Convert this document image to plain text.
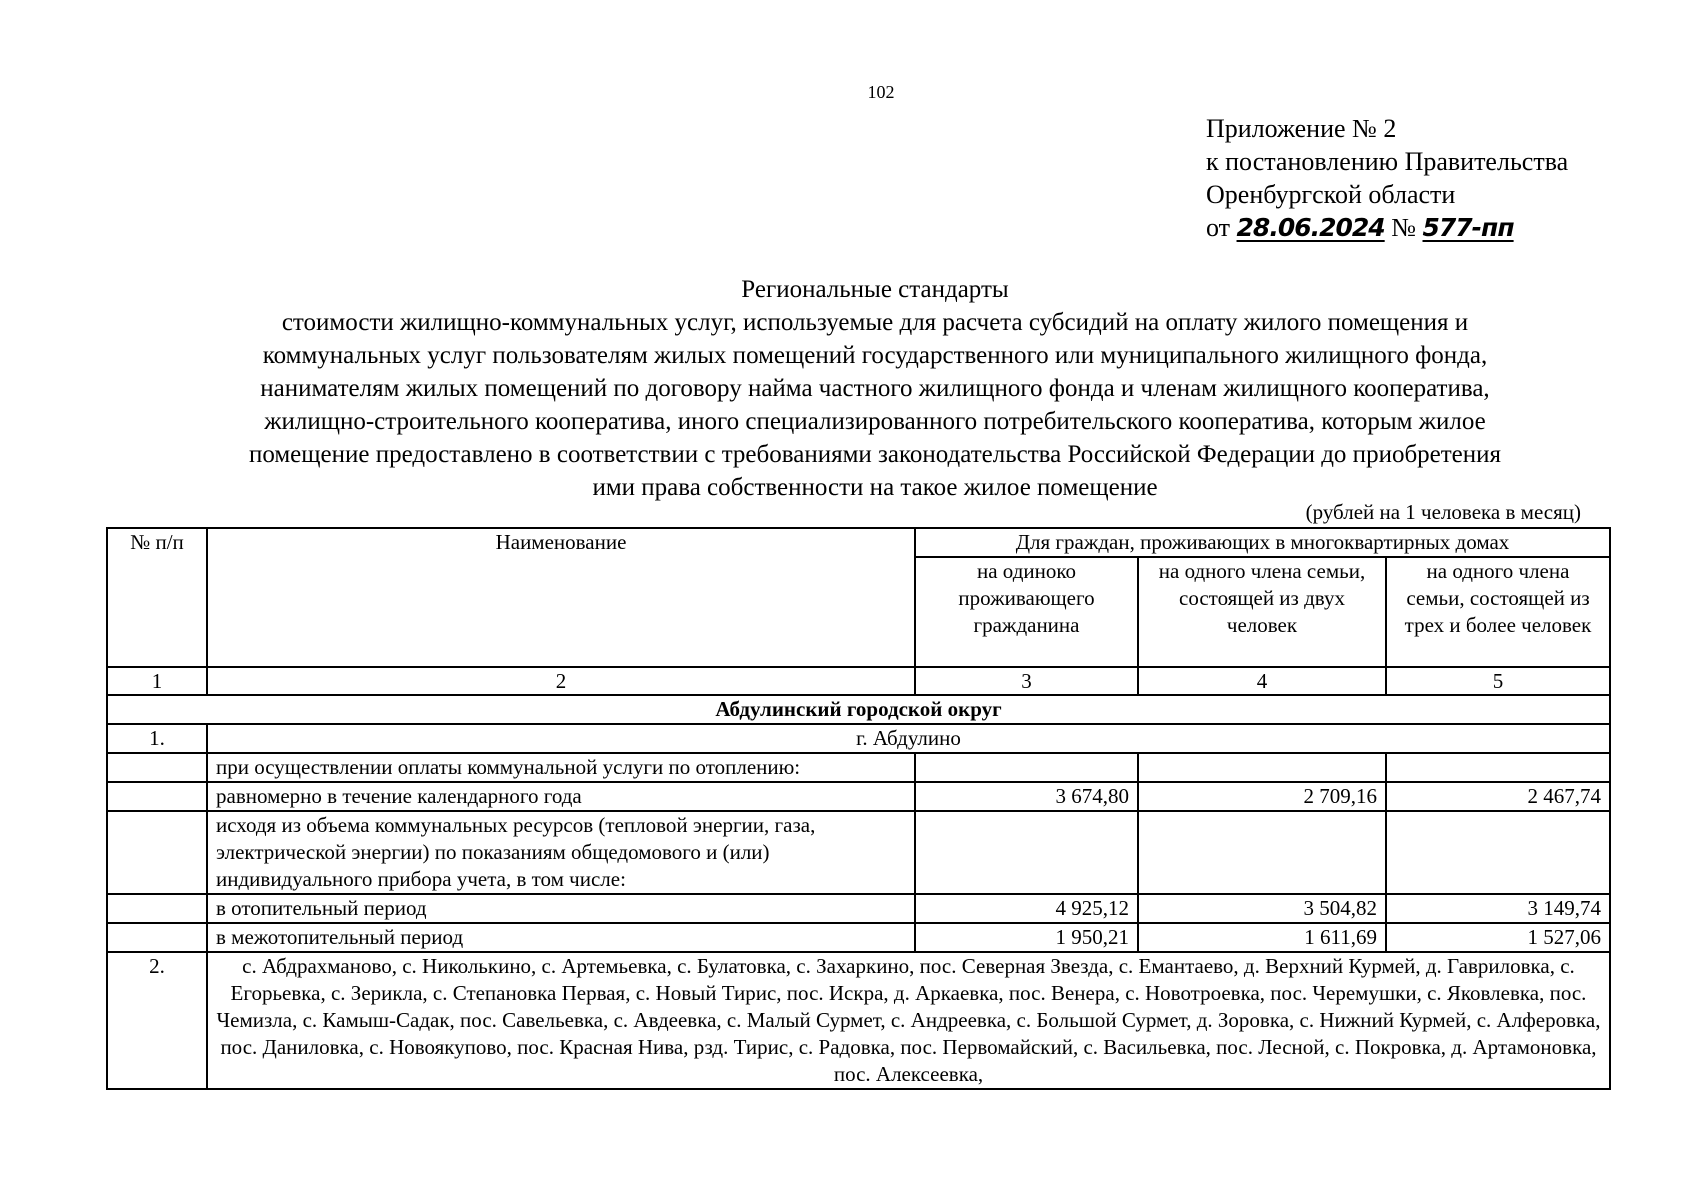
102
Приложение № 2
к постановлению Правительства
Оренбургской области
от 28.06.2024 № 577-пп
Региональные стандарты
стоимости жилищно-коммунальных услуг, используемые для расчета субсидий на оплату жилого помещения и
коммунальных услуг пользователям жилых помещений государственного или муниципального жилищного фонда,
нанимателям жилых помещений по договору найма частного жилищного фонда и членам жилищного кооператива,
жилищно-строительного кооператива, иного специализированного потребительского кооператива, которым жилое
помещение предоставлено в соответствии с требованиями законодательства Российской Федерации до приобретения
ими права собственности на такое жилое помещение
(рублей на 1 человека в месяц)
№ п/п	Наименование	Для граждан, проживающих в многоквартирных домах		
		на одиноко проживающего гражданина	на одного члена семьи, состоящей из двух человек	на одного члена семьи, состоящей из трех и более человек
1	2	3	4	5
Абдулинский городской округ				
1.	г. Абдулино			
	при осуществлении оплаты коммунальной услуги по отоплению:			
	равномерно в течение календарного года	3 674,80	2 709,16	2 467,74
	исходя из объема коммунальных ресурсов (тепловой энергии, газа, электрической энергии) по показаниям общедомового и (или) индивидуального прибора учета, в том числе:			
	в отопительный период	4 925,12	3 504,82	3 149,74
	в межотопительный период	1 950,21	1 611,69	1 527,06
2.	с. Абдрахманово, с. Николькино, с. Артемьевка, с. Булатовка, с. Захаркино, пос. Северная Звезда, с. Емантаево, д. Верхний Курмей, д. Гавриловка, с. Егорьевка, с. Зерикла, с. Степановка Первая, с. Новый Тирис, пос. Искра, д. Аркаевка, пос. Венера, с. Новотроевка, пос. Черемушки, с. Яковлевка, пос. Чемизла, с. Камыш-Садак, пос. Савельевка, с. Авдеевка, с. Малый Сурмет, с. Андреевка, с. Большой Сурмет, д. Зоровка, с. Нижний Курмей, с. Алферовка, пос. Даниловка, с. Новоякупово, пос. Красная Нива, рзд. Тирис, с. Радовка, пос. Первомайский, с. Васильевка, пос. Лесной, с. Покровка, д. Артамоновка, пос. Алексеевка,			
